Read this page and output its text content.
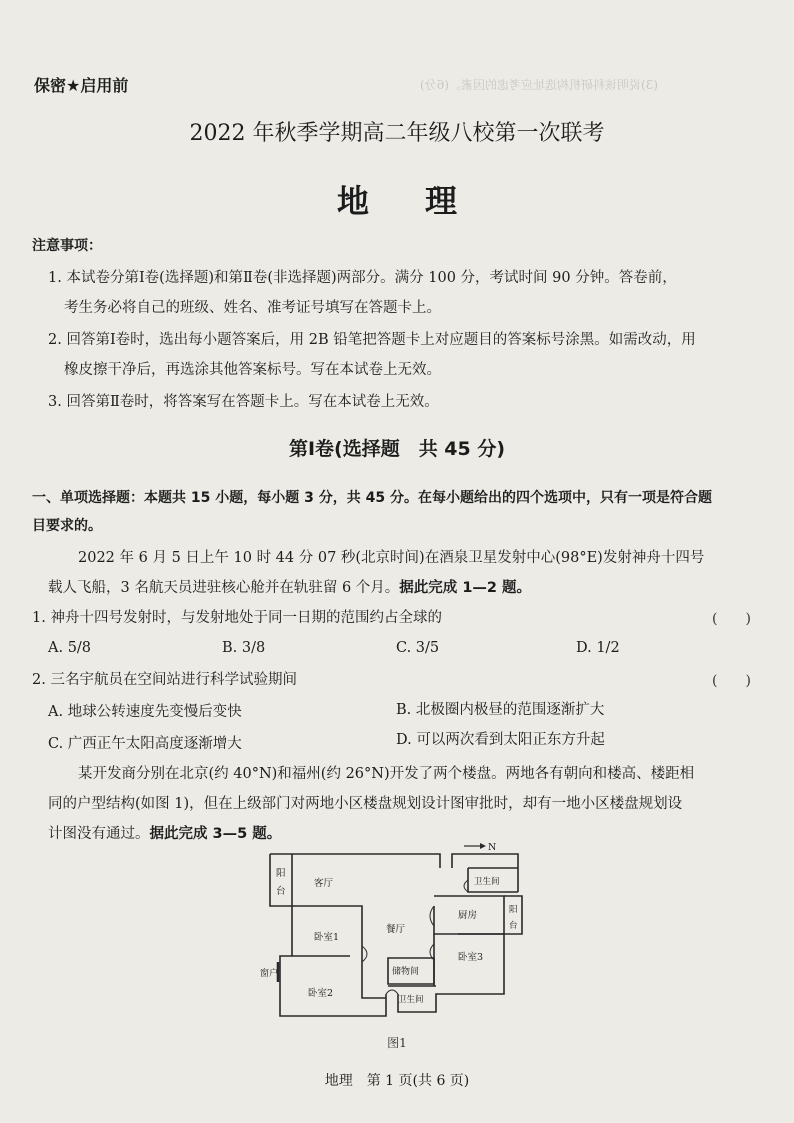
(3)说明该科研机构选址应考虑的因素。(6分)
保密★启用前
2022 年秋季学期高二年级八校第一次联考
地理
注意事项：
1. 本试卷分第Ⅰ卷(选择题)和第Ⅱ卷(非选择题)两部分。满分 100 分，考试时间 90 分钟。答卷前，
考生务必将自己的班级、姓名、准考证号填写在答题卡上。
2. 回答第Ⅰ卷时，选出每小题答案后，用 2B 铅笔把答题卡上对应题目的答案标号涂黑。如需改动，用
橡皮擦干净后，再选涂其他答案标号。写在本试卷上无效。
3. 回答第Ⅱ卷时，将答案写在答题卡上。写在本试卷上无效。
第Ⅰ卷(选择题　共 45 分)
一、单项选择题：本题共 15 小题，每小题 3 分，共 45 分。在每小题给出的四个选项中，只有一项是符合题
目要求的。
2022 年 6 月 5 日上午 10 时 44 分 07 秒(北京时间)在酒泉卫星发射中心(98°E)发射神舟十四号
载人飞船，3 名航天员进驻核心舱并在轨驻留 6 个月。据此完成 1—2 题。
1. 神舟十四号发射时，与发射地处于同一日期的范围约占全球的	(　　)
A. 5/8	B. 3/8	C. 3/5	D. 1/2
2. 三名宇航员在空间站进行科学试验期间	(　　)
A. 地球公转速度先变慢后变快	B. 北极圈内极昼的范围逐渐扩大
C. 广西正午太阳高度逐渐增大	D. 可以两次看到太阳正东方升起
某开发商分别在北京(约 40°N)和福州(约 26°N)开发了两个楼盘。两地各有朝向和楼高、楼距相
同的户型结构(如图 1)，但在上级部门对两地小区楼盘规划设计图审批时，却有一地小区楼盘规划设
计图没有通过。据此完成 3—5 题。
N
阳
台
客厅	卫生间
厨房	阳
台
卧室1
餐厅
卧室3
储物间
窗户
卧室2
卫生间
图1
地理　第 1 页(共 6 页)
